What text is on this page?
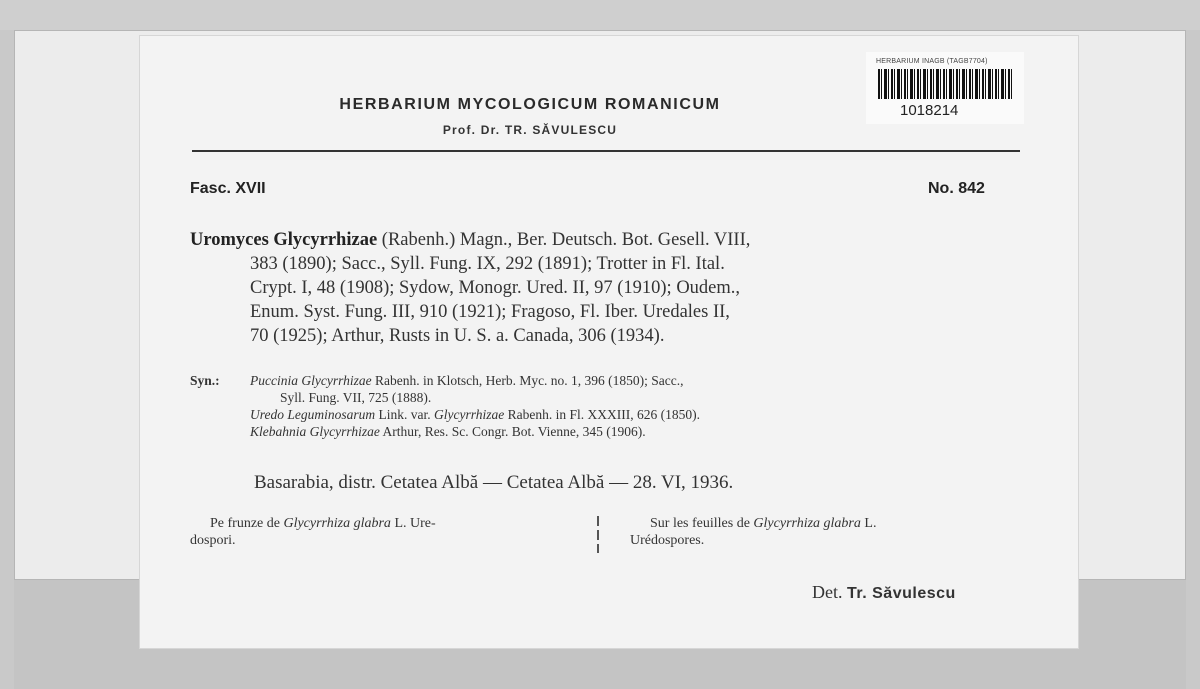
HERBARIUM INAGB (TAGB7704)
1018214
HERBARIUM MYCOLOGICUM ROMANICUM
Prof. Dr. TR. SĂVULESCU
Fasc. XVII	No. 842

Uromyces Glycyrrhizae (Rabenh.) Magn., Ber. Deutsch. Bot. Gesell. VIII,

383 (1890); Sacc., Syll. Fung. IX, 292 (1891); Trotter in Fl. Ital.

Crypt. I, 48 (1908); Sydow, Monogr. Ured. II, 97 (1910); Oudem.,

Enum. Syst. Fung. III, 910 (1921); Fragoso, Fl. Iber. Uredales II,

70 (1925); Arthur, Rusts in U. S. a. Canada, 306 (1934).

Syn.: Puccinia Glycyrrhizae Rabenh. in Klotsch, Herb. Myc. no. 1, 396 (1850); Sacc.,
Syll. Fung. VII, 725 (1888).
Uredo Leguminosarum Link. var. Glycyrrhizae Rabenh. in Fl. XXXIII, 626 (1850).
Klebahnia Glycyrrhizae Arthur, Res. Sc. Congr. Bot. Vienne, 345 (1906).
Basarabia, distr. Cetatea Albă — Cetatea Albă — 28. VI, 1936.
Pe frunze de Glycyrrhiza glabra L. Ure-
dospori.
Sur les feuilles de Glycyrrhiza glabra L.
Urédospores.
Det. Tr. Săvulescu
